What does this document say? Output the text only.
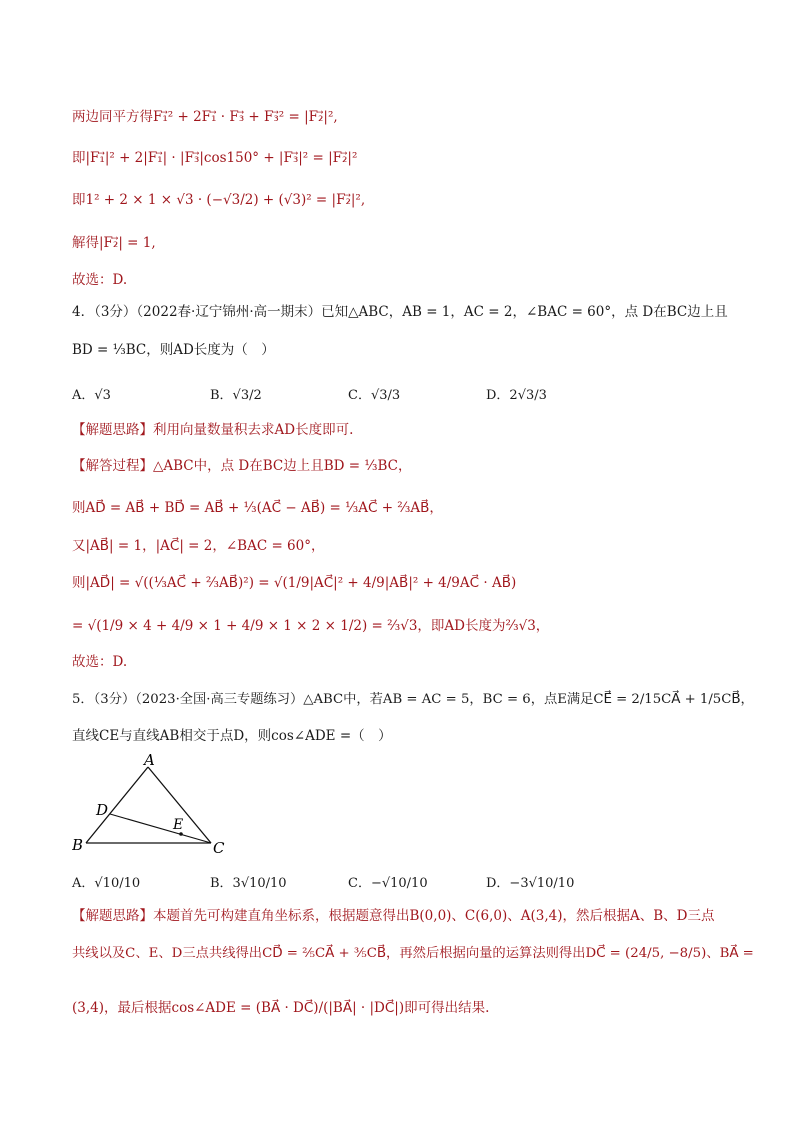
两边同平方得F₁⃗² + 2F₁⃗ · F₃⃗ + F₃⃗² = |F₂⃗|²,
即|F₁⃗|² + 2|F₁⃗| · |F₃⃗|cos150° + |F₃⃗|² = |F₂⃗|²
即1² + 2 × 1 × √3 · (−√3/2) + (√3)² = |F₂⃗|²,
解得|F₂⃗| = 1,
故选：D.
4．（3分）（2022春·辽宁锦州·高一期末）已知△ABC，AB = 1，AC = 2，∠BAC = 60°，点 D在BC边上且
BD = ⅓BC，则AD长度为（　）
A．√3	B．√3/2	C．√3/3	D．2√3/3
【解题思路】利用向量数量积去求AD长度即可.
【解答过程】△ABC中，点 D在BC边上且BD = ⅓BC，
则AD⃗ = AB⃗ + BD⃗ = AB⃗ + ⅓(AC⃗ − AB⃗) = ⅓AC⃗ + ⅔AB⃗，
又|AB⃗| = 1，|AC⃗| = 2，∠BAC = 60°，
则|AD⃗| = √((⅓AC⃗ + ⅔AB⃗)²) = √(1/9|AC⃗|² + 4/9|AB⃗|² + 4/9AC⃗ · AB⃗)
= √(1/9 × 4 + 4/9 × 1 + 4/9 × 1 × 2 × 1/2) = ⅔√3，即AD长度为⅔√3，
故选：D.
5．（3分）（2023·全国·高三专题练习）△ABC中，若AB = AC = 5，BC = 6，点E满足CE⃗ = 2/15CA⃗ + 1/5CB⃗，
直线CE与直线AB相交于点D，则cos∠ADE =（　）
A
B	C
D
E
A．√10/10	B．3√10/10	C．−√10/10	D．−3√10/10
【解题思路】本题首先可构建直角坐标系，根据题意得出B(0,0)、C(6,0)、A(3,4)，然后根据A、B、D三点
共线以及C、E、D三点共线得出CD⃗ = ⅖CA⃗ + ⅗CB⃗，再然后根据向量的运算法则得出DC⃗ = (24/5, −8/5)、BA⃗ =
(3,4)，最后根据cos∠ADE = (BA⃗ · DC⃗)/(|BA⃗| · |DC⃗|)即可得出结果.
